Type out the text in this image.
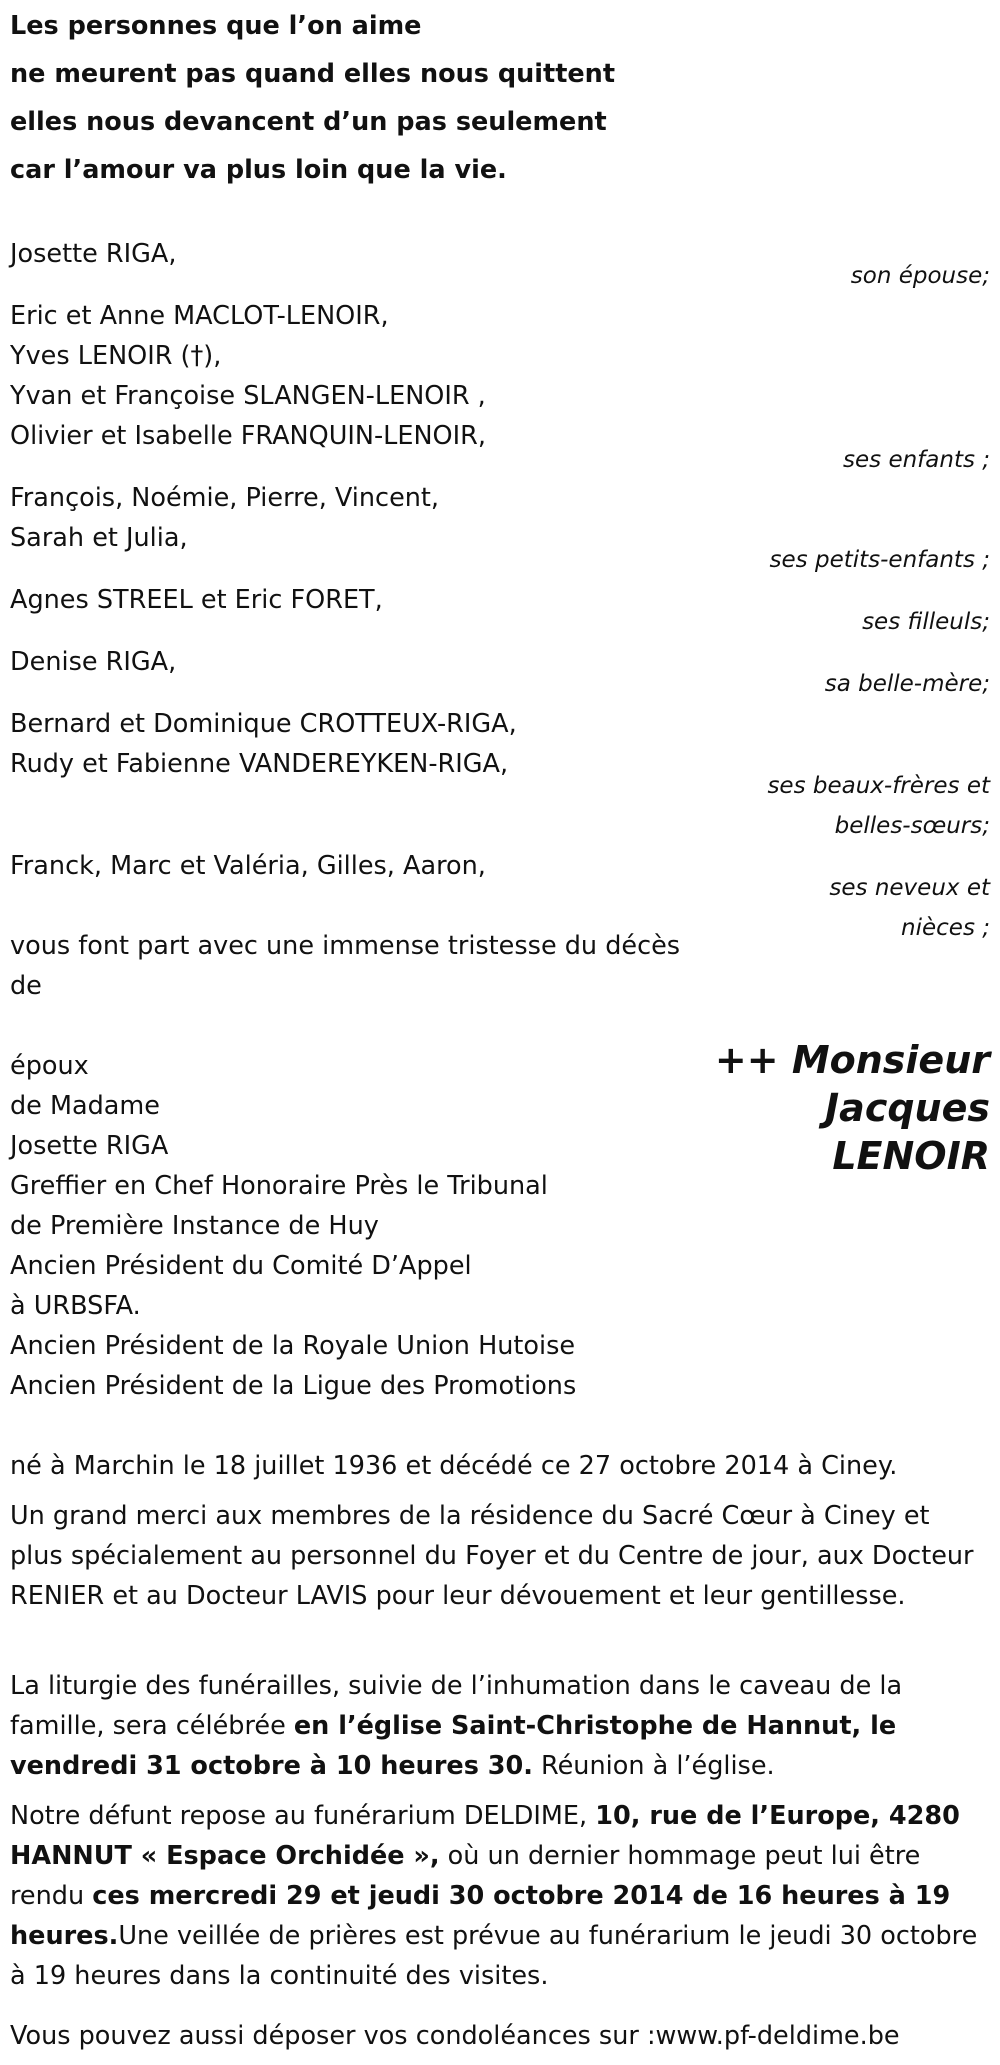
Les personnes que l’on aime
ne meurent pas quand elles nous quittent
elles nous devancent d’un pas seulement
car l’amour va plus loin que la vie.
Josette RIGA,
son épouse;
Eric et Anne MACLOT-LENOIR,
Yves LENOIR (†),
Yvan et Françoise SLANGEN-LENOIR ,
Olivier et Isabelle FRANQUIN-LENOIR,
ses enfants ;
François, Noémie, Pierre, Vincent,
Sarah et Julia,
ses petits-enfants ;
Agnes STREEL et Eric FORET,
ses filleuls;
Denise RIGA,
sa belle-mère;
Bernard et Dominique CROTTEUX-RIGA,
Rudy et Fabienne VANDEREYKEN-RIGA,
ses beaux-frères et
belles-sœurs;
Franck, Marc et Valéria, Gilles, Aaron,
ses neveux et
nièces ;
vous font part avec une immense tristesse du décès
de
++ Monsieur
Jacques
LENOIR
époux
de Madame
Josette RIGA
Greffier en Chef Honoraire Près le Tribunal
de Première Instance de Huy
Ancien Président du Comité D’Appel
à URBSFA.
Ancien Président de la Royale Union Hutoise
Ancien Président de la Ligue des Promotions
né à Marchin le 18 juillet 1936 et décédé ce 27 octobre 2014 à Ciney.
Un grand merci aux membres de la résidence du Sacré Cœur à Ciney et plus spécialement au personnel du Foyer et du Centre de jour, aux Docteur RENIER et au Docteur LAVIS pour leur dévouement et leur gentillesse.
La liturgie des funérailles, suivie de l’inhumation dans le caveau de la famille, sera célébrée en l’église Saint-Christophe de Hannut, le vendredi 31 octobre à 10 heures 30. Réunion à l’église.
Notre défunt repose au funérarium DELDIME, 10, rue de l’Europe, 4280 HANNUT « Espace Orchidée », où un dernier hommage peut lui être rendu ces mercredi 29 et jeudi 30 octobre 2014 de 16 heures à 19 heures.Une veillée de prières est prévue au funérarium le jeudi 30 octobre à 19 heures dans la continuité des visites.
Vous pouvez aussi déposer vos condoléances sur :www.pf-deldime.be
